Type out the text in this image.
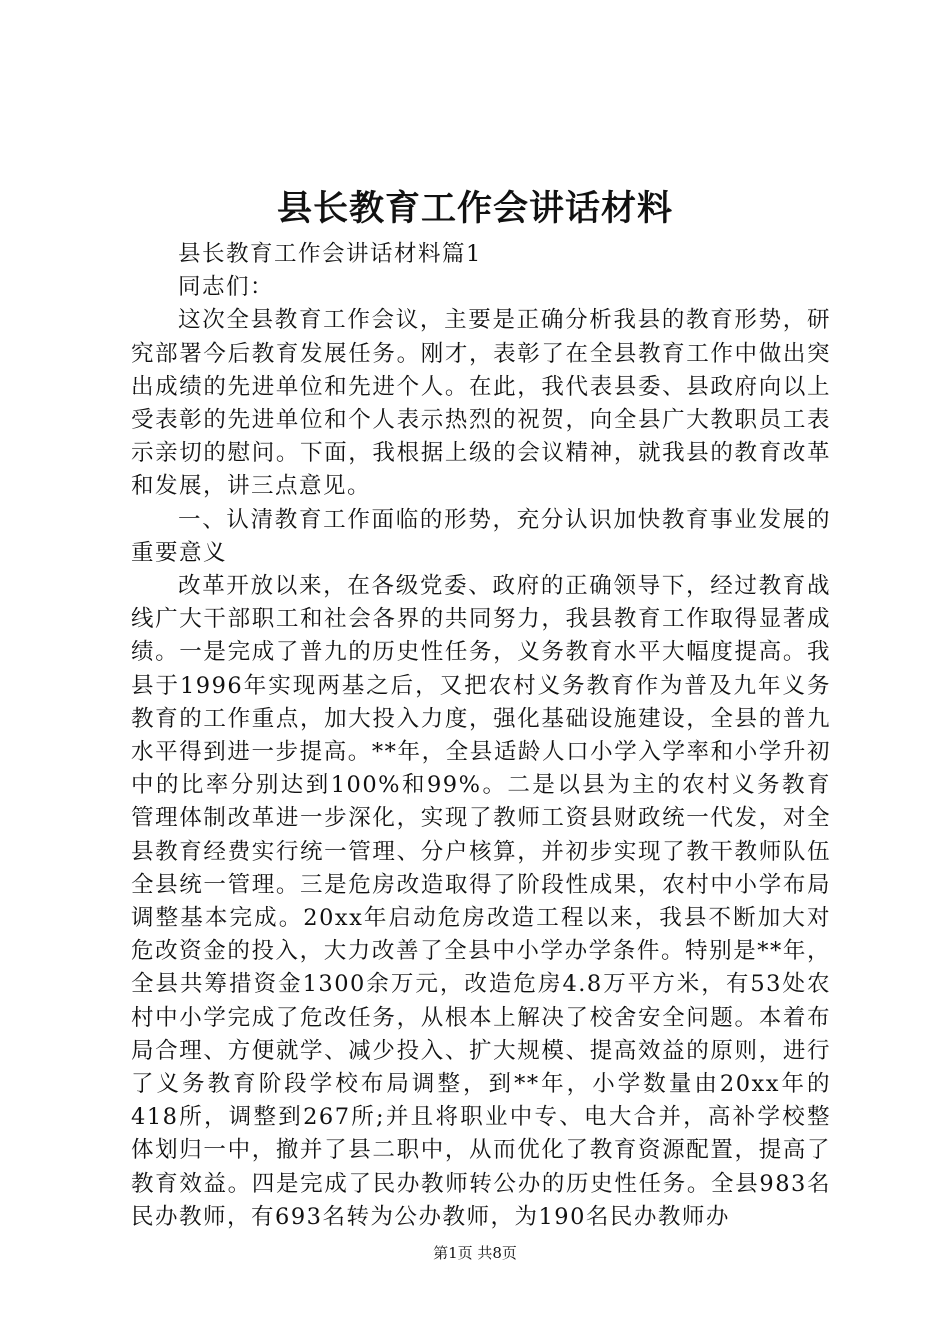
县长教育工作会讲话材料

县长教育工作会讲话材料篇1

同志们：

这次全县教育工作会议，主要是正确分析我县的教育形势，研究部署今后教育发展任务。刚才，表彰了在全县教育工作中做出突出成绩的先进单位和先进个人。在此，我代表县委、县政府向以上受表彰的先进单位和个人表示热烈的祝贺，向全县广大教职员工表示亲切的慰问。下面，我根据上级的会议精神，就我县的教育改革和发展，讲三点意见。

一、认清教育工作面临的形势，充分认识加快教育事业发展的重要意义

改革开放以来，在各级党委、政府的正确领导下，经过教育战线广大干部职工和社会各界的共同努力，我县教育工作取得显著成绩。一是完成了普九的历史性任务，义务教育水平大幅度提高。我县于1996年实现两基之后，又把农村义务教育作为普及九年义务教育的工作重点，加大投入力度，强化基础设施建设，全县的普九水平得到进一步提高。**年，全县适龄人口小学入学率和小学升初中的比率分别达到100%和99%。二是以县为主的农村义务教育管理体制改革进一步深化，实现了教师工资县财政统一代发，对全县教育经费实行统一管理、分户核算，并初步实现了教干教师队伍全县统一管理。三是危房改造取得了阶段性成果，农村中小学布局调整基本完成。20xx年启动危房改造工程以来，我县不断加大对危改资金的投入，大力改善了全县中小学办学条件。特别是**年，全县共筹措资金1300余万元，改造危房4.8万平方米，有53处农村中小学完成了危改任务，从根本上解决了校舍安全问题。本着布局合理、方便就学、减少投入、扩大规模、提高效益的原则，进行了义务教育阶段学校布局调整，到**年，小学数量由20xx年的418所，调整到267所;并且将职业中专、电大合并，高补学校整体划归一中，撤并了县二职中，从而优化了教育资源配置，提高了教育效益。四是完成了民办教师转公办的历史性任务。全县983名民办教师，有693名转为公办教师，为190名民办教师办

第1页 共8页
